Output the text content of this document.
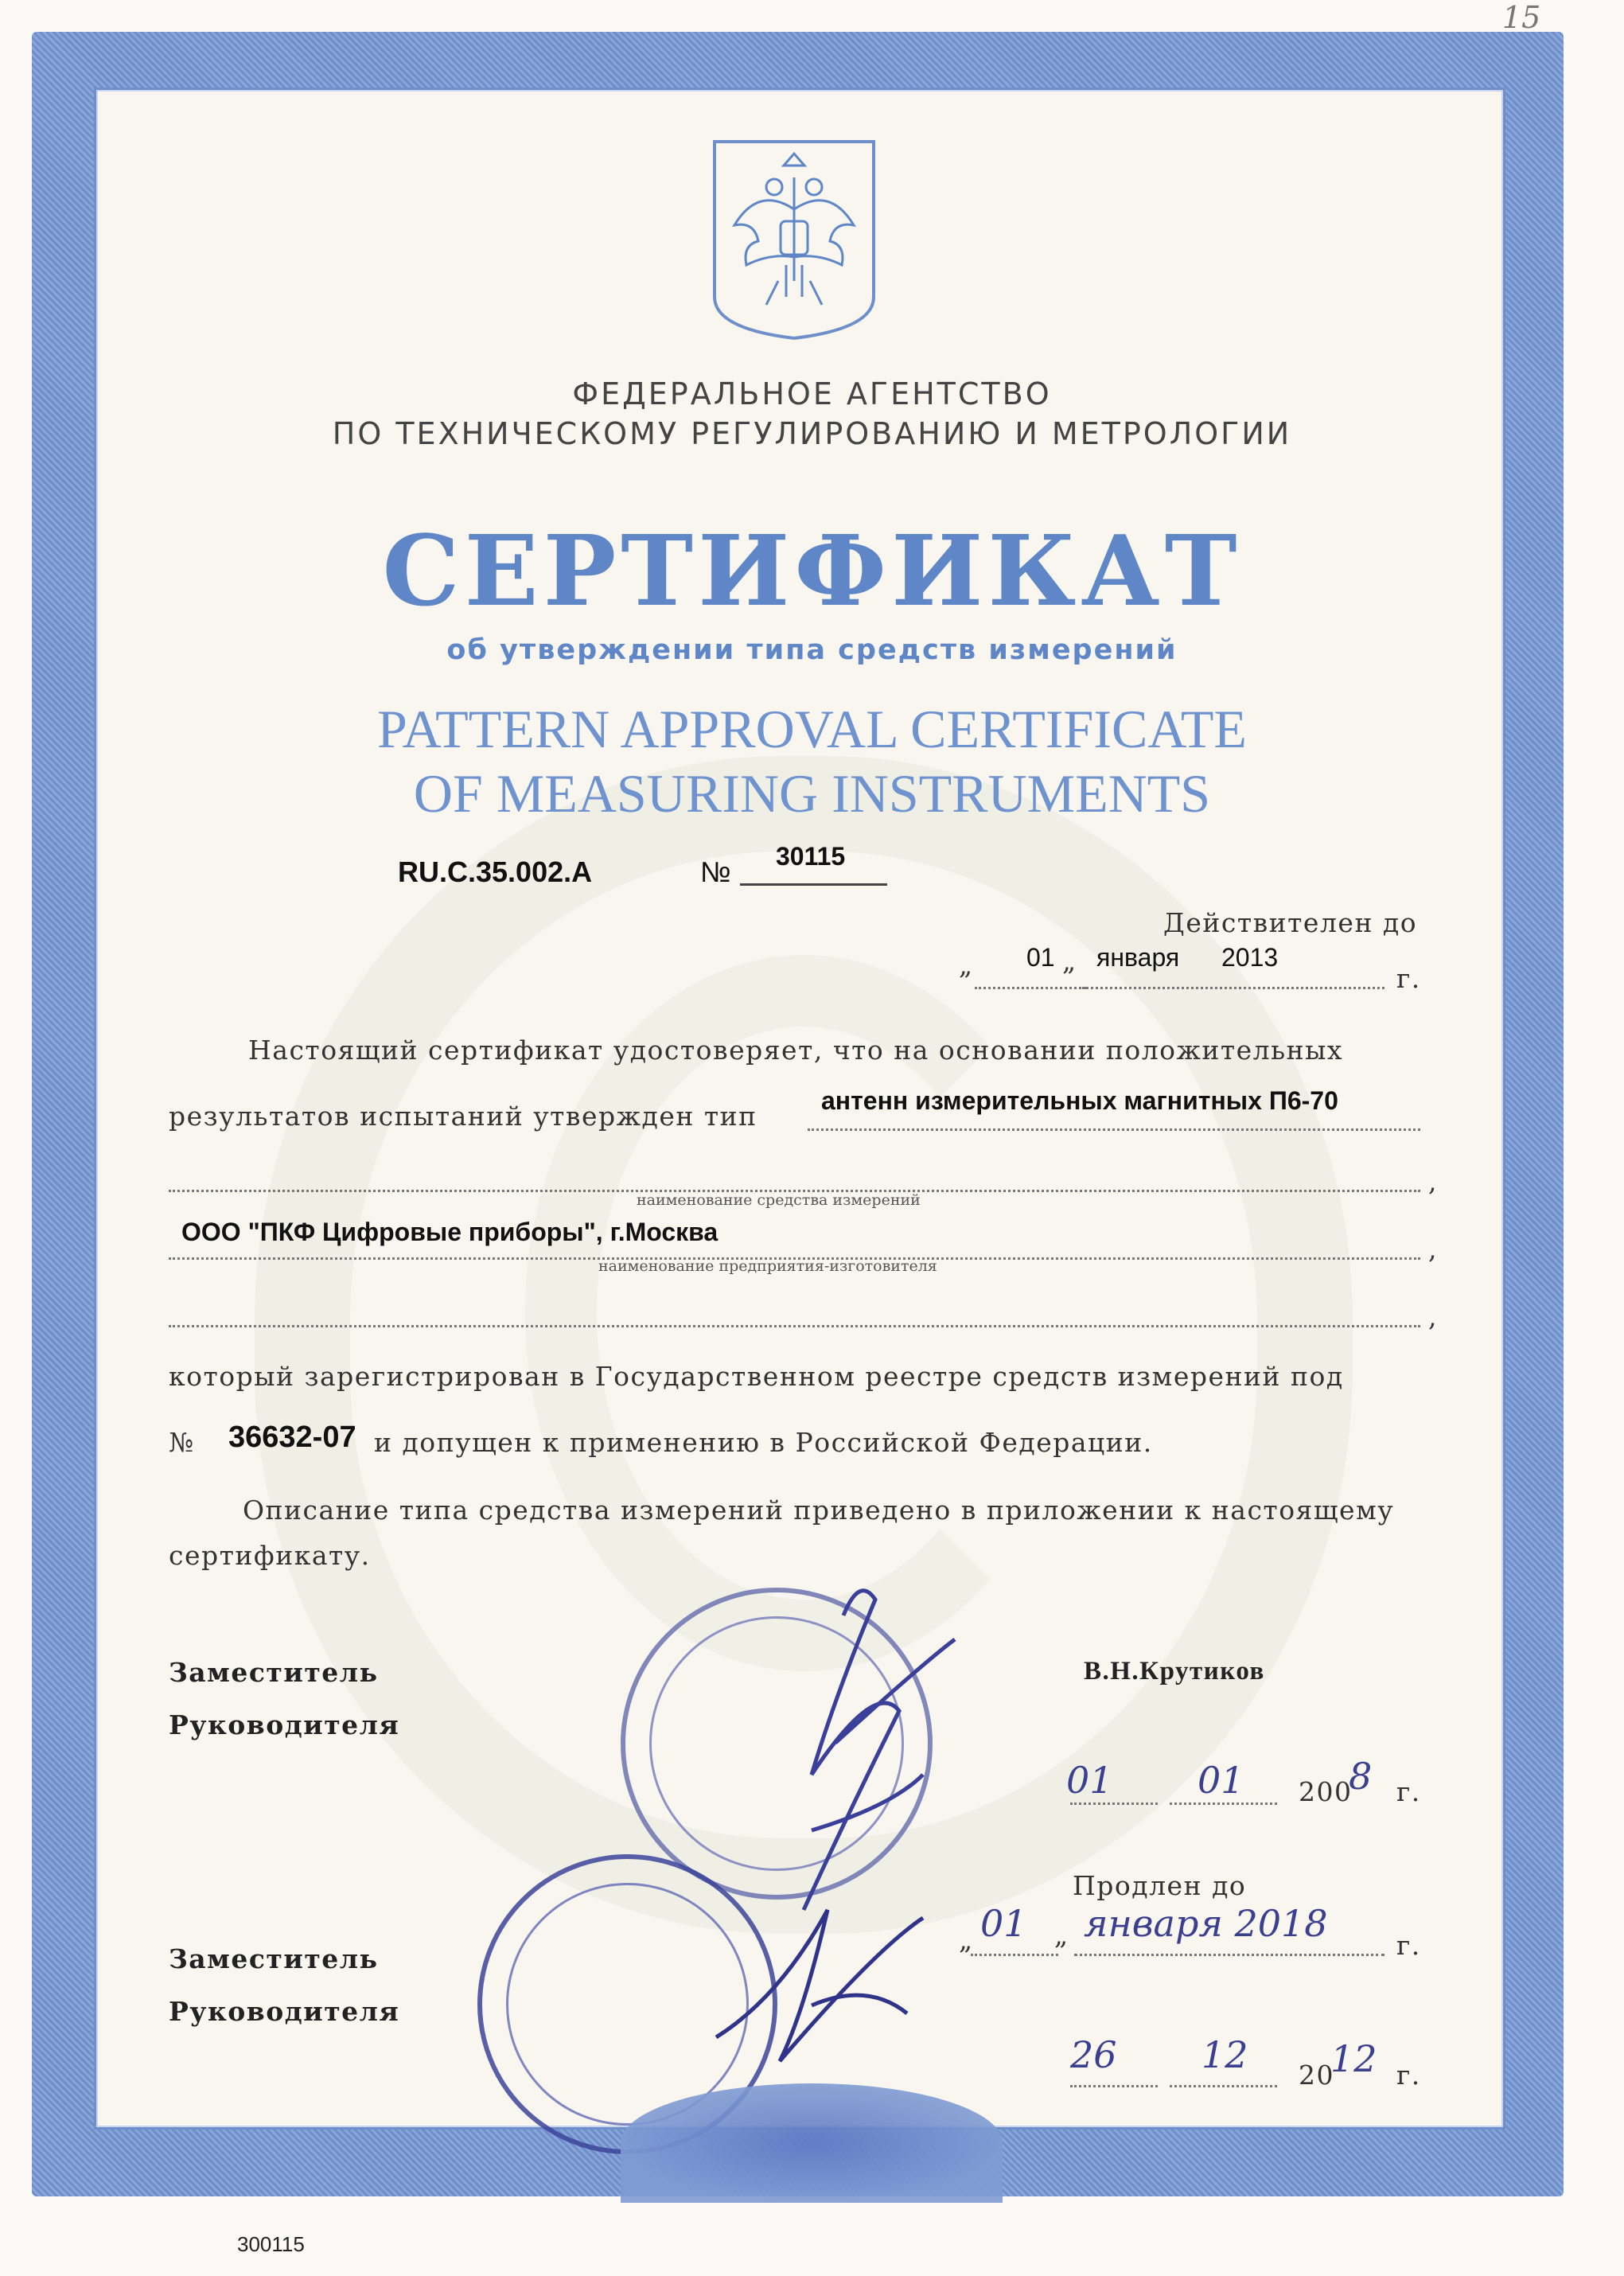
15
ФЕДЕРАЛЬНОЕ АГЕНТСТВО
ПО ТЕХНИЧЕСКОМУ РЕГУЛИРОВАНИЮ И МЕТРОЛОГИИ
СЕРТИФИКАТ
об утверждении типа средств измерений
PATTERN APPROVAL CERTIFICATE
OF MEASURING INSTRUMENTS
RU.C.35.002.A	№ 30115
Действителен до
„ 01 „ января 2013
г.
Настоящий сертификат удостоверяет, что на основании положительных
результатов испытаний утвержден тип	антенн измерительных магнитных П6-70
,
наименование средства измерений
ООО "ПКФ Цифровые приборы", г.Москва
,
наименование предприятия-изготовителя
,
который зарегистрирован в Государственном реестре средств измерений под
№ 36632-07 и допущен к применению в Российской Федерации.
Описание типа средства измерений приведено в приложении к настоящему
сертификату.
Заместитель
Руководителя
В.Н.Крутиков
01 01 200
8 г.
Продлен до
„ 01 „ января 2018
г.
Заместитель
Руководителя
26 12 20
12 г.
300115
